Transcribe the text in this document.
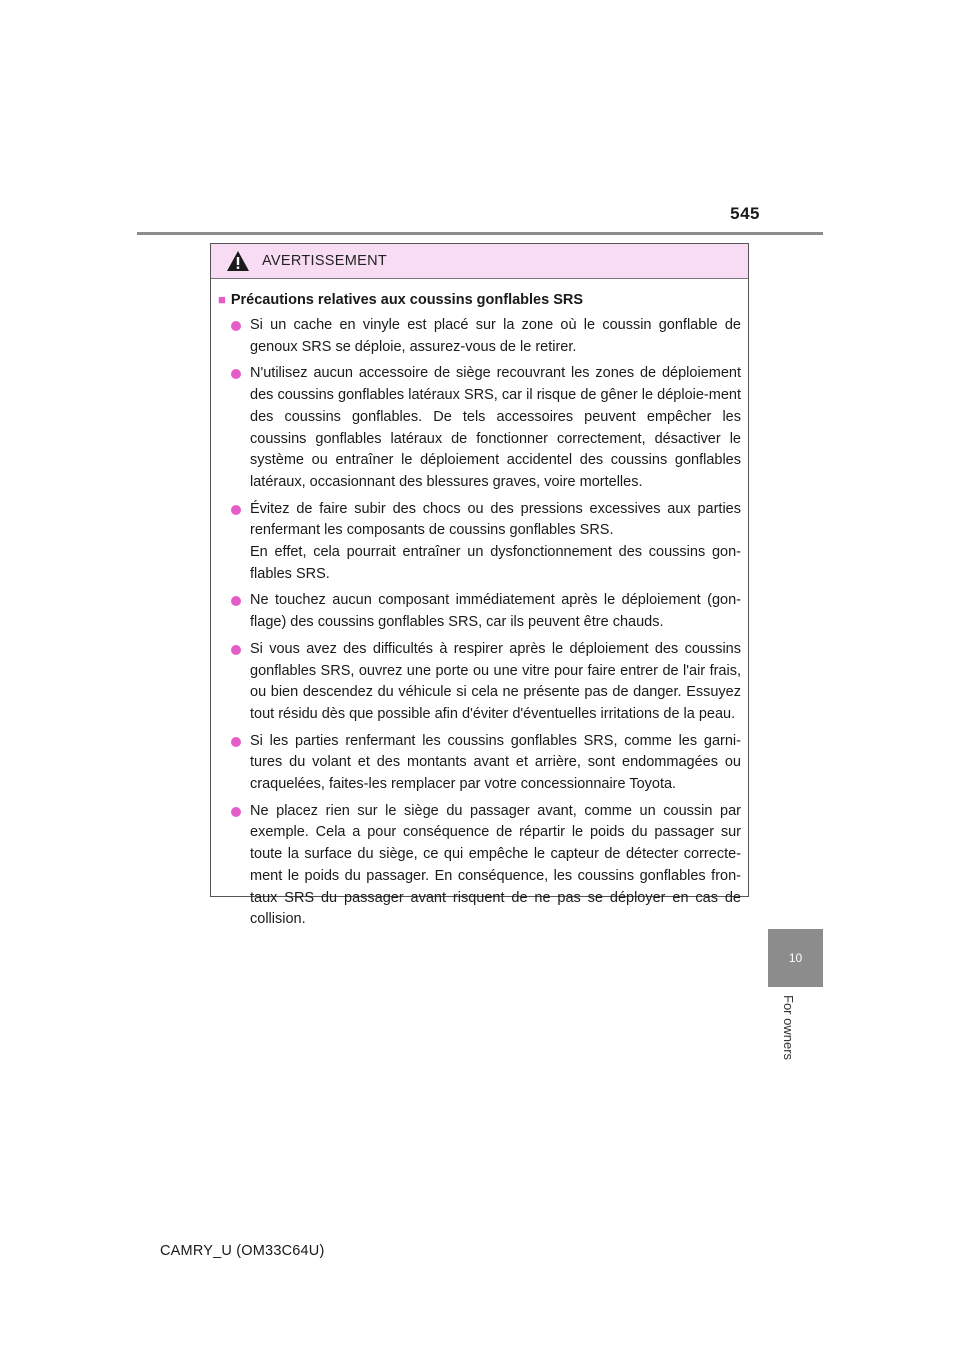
545
10
For owners
AVERTISSEMENT
■ Précautions relatives aux coussins gonflables SRS
Si un cache en vinyle est placé sur la zone où le coussin gonflable de genoux SRS se déploie, assurez-vous de le retirer.
N'utilisez aucun accessoire de siège recouvrant les zones de déploiement des coussins gonflables latéraux SRS, car il risque de gêner le déploie-ment des coussins gonflables. De tels accessoires peuvent empêcher les coussins gonflables latéraux de fonctionner correctement, désactiver le système ou entraîner le déploiement accidentel des coussins gonflables latéraux, occasionnant des blessures graves, voire mortelles.
Évitez de faire subir des chocs ou des pressions excessives aux parties renfermant les composants de coussins gonflables SRS.
En effet, cela pourrait entraîner un dysfonctionnement des coussins gon-flables SRS.
Ne touchez aucun composant immédiatement après le déploiement (gon-flage) des coussins gonflables SRS, car ils peuvent être chauds.
Si vous avez des difficultés à respirer après le déploiement des coussins gonflables SRS, ouvrez une porte ou une vitre pour faire entrer de l'air frais, ou bien descendez du véhicule si cela ne présente pas de danger. Essuyez tout résidu dès que possible afin d'éviter d'éventuelles irritations de la peau.
Si les parties renfermant les coussins gonflables SRS, comme les garni-tures du volant et des montants avant et arrière, sont endommagées ou craquelées, faites-les remplacer par votre concessionnaire Toyota.
Ne placez rien sur le siège du passager avant, comme un coussin par exemple. Cela a pour conséquence de répartir le poids du passager sur toute la surface du siège, ce qui empêche le capteur de détecter correcte-ment le poids du passager. En conséquence, les coussins gonflables fron-taux SRS du passager avant risquent de ne pas se déployer en cas de collision.
CAMRY_U (OM33C64U)
